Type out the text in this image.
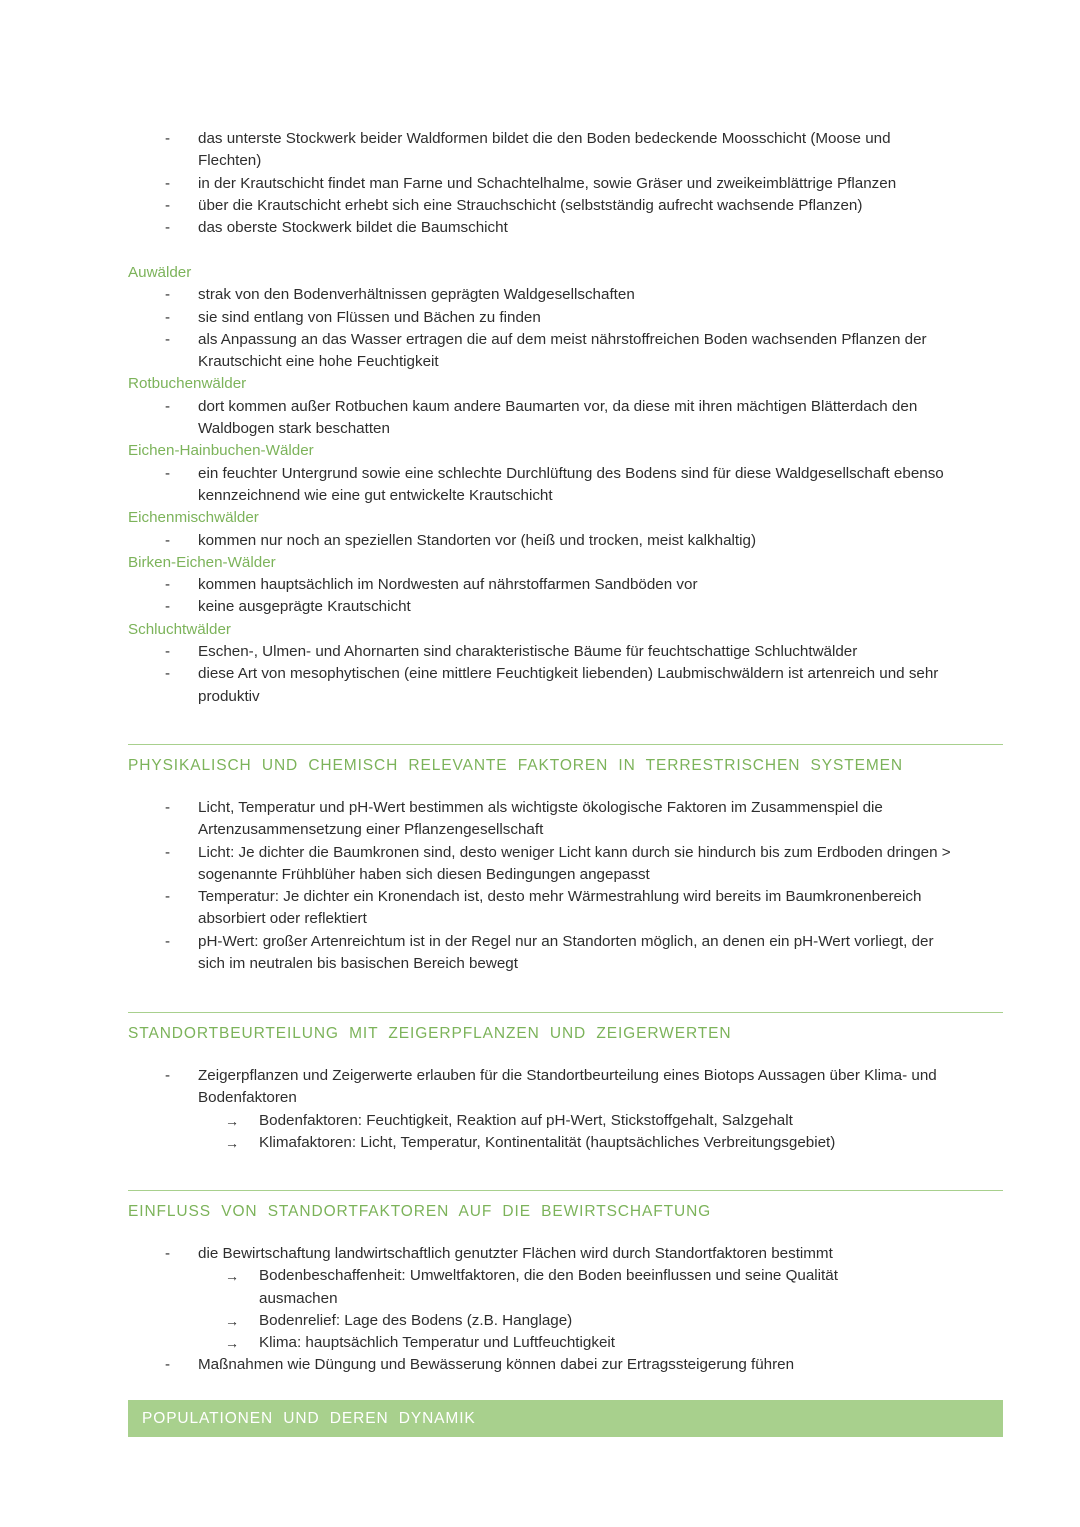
- das unterste Stockwerk beider Waldformen bildet die den Boden bedeckende Moosschicht (Moose und Flechten)
- in der Krautschicht findet man Farne und Schachtelhalme, sowie Gräser und zweikeimblättrige Pflanzen
- über die Krautschicht erhebt sich eine Strauchschicht (selbstständig aufrecht wachsende Pflanzen)
- das oberste Stockwerk bildet die Baumschicht
Auwälder
- strak von den Bodenverhältnissen geprägten Waldgesellschaften
- sie sind entlang von Flüssen und Bächen zu finden
- als Anpassung an das Wasser ertragen die auf dem meist nährstoffreichen Boden wachsenden Pflanzen der Krautschicht eine hohe Feuchtigkeit
Rotbuchenwälder
- dort kommen außer Rotbuchen kaum andere Baumarten vor, da diese mit ihren mächtigen Blätterdach den Waldbogen stark beschatten
Eichen-Hainbuchen-Wälder
- ein feuchter Untergrund sowie eine schlechte Durchlüftung des Bodens sind für diese Waldgesellschaft ebenso kennzeichnend wie eine gut entwickelte Krautschicht
Eichenmischwälder
- kommen nur noch an speziellen Standorten vor (heiß und trocken, meist kalkhaltig)
Birken-Eichen-Wälder
- kommen hauptsächlich im Nordwesten auf nährstoffarmen Sandböden vor
- keine ausgeprägte Krautschicht
Schluchtwälder
- Eschen-, Ulmen- und Ahornarten sind charakteristische Bäume für feuchtschattige Schluchtwälder
- diese Art von mesophytischen (eine mittlere Feuchtigkeit liebenden) Laubmischwäldern ist artenreich und sehr produktiv
PHYSIKALISCH UND CHEMISCH RELEVANTE FAKTOREN IN TERRESTRISCHEN SYSTEMEN
- Licht, Temperatur und pH-Wert bestimmen als wichtigste ökologische Faktoren im Zusammenspiel die Artenzusammensetzung einer Pflanzengesellschaft
- Licht: Je dichter die Baumkronen sind, desto weniger Licht kann durch sie hindurch bis zum Erdboden dringen > sogenannte Frühblüher haben sich diesen Bedingungen angepasst
- Temperatur: Je dichter ein Kronendach ist, desto mehr Wärmestrahlung wird bereits im Baumkronenbereich absorbiert oder reflektiert
- pH-Wert: großer Artenreichtum ist in der Regel nur an Standorten möglich, an denen ein pH-Wert vorliegt, der sich im neutralen bis basischen Bereich bewegt
STANDORTBEURTEILUNG MIT ZEIGERPFLANZEN UND ZEIGERWERTEN
- Zeigerpflanzen und Zeigerwerte erlauben für die Standortbeurteilung eines Biotops Aussagen über Klima- und Bodenfaktoren
→ Bodenfaktoren: Feuchtigkeit, Reaktion auf pH-Wert, Stickstoffgehalt, Salzgehalt
→ Klimafaktoren: Licht, Temperatur, Kontinentalität (hauptsächliches Verbreitungsgebiet)
EINFLUSS VON STANDORTFAKTOREN AUF DIE BEWIRTSCHAFTUNG
- die Bewirtschaftung landwirtschaftlich genutzter Flächen wird durch Standortfaktoren bestimmt
→ Bodenbeschaffenheit: Umweltfaktoren, die den Boden beeinflussen und seine Qualität ausmachen
→ Bodenrelief: Lage des Bodens (z.B. Hanglage)
→ Klima: hauptsächlich Temperatur und Luftfeuchtigkeit
- Maßnahmen wie Düngung und Bewässerung können dabei zur Ertragssteigerung führen
POPULATIONEN UND DEREN DYNAMIK
